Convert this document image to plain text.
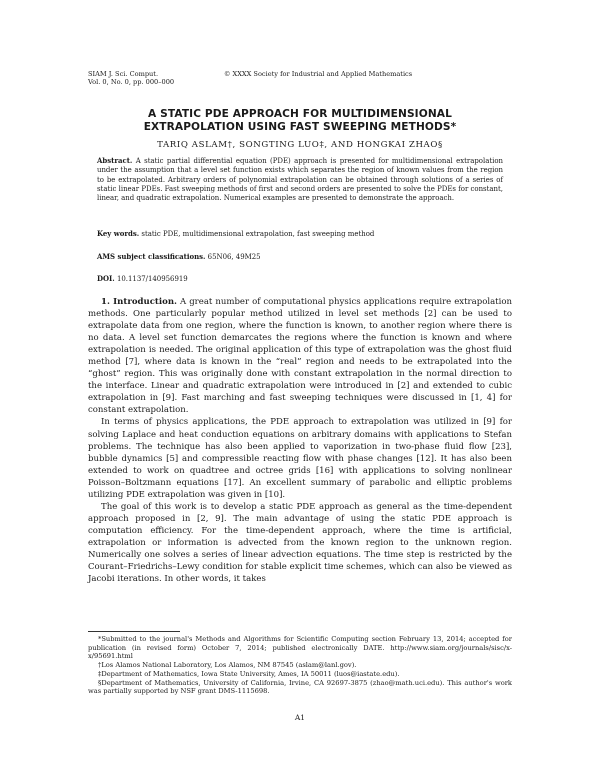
SIAM J. Sci. Comput.
Vol. 0, No. 0, pp. 000–000
© XXXX Society for Industrial and Applied Mathematics
A STATIC PDE APPROACH FOR MULTIDIMENSIONAL
EXTRAPOLATION USING FAST SWEEPING METHODS*
TARIQ ASLAM†, SONGTING LUO‡, AND HONGKAI ZHAO§
Abstract. A static partial differential equation (PDE) approach is presented for multidimensional extrapolation under the assumption that a level set function exists which separates the region of known values from the region to be extrapolated. Arbitrary orders of polynomial extrapolation can be obtained through solutions of a series of static linear PDEs. Fast sweeping methods of first and second orders are presented to solve the PDEs for constant, linear, and quadratic extrapolation. Numerical examples are presented to demonstrate the approach.
Key words. static PDE, multidimensional extrapolation, fast sweeping method
AMS subject classifications. 65N06, 49M25
DOI. 10.1137/140956919

1. Introduction. A great number of computational physics applications require extrapolation methods. One particularly popular method utilized in level set methods [2] can be used to extrapolate data from one region, where the function is known, to another region where there is no data. A level set function demarcates the regions where the function is known and where extrapolation is needed. The original application of this type of extrapolation was the ghost fluid method [7], where data is known in the “real” region and needs to be extrapolated into the “ghost” region. This was originally done with constant extrapolation in the normal direction to the interface. Linear and quadratic extrapolation were introduced in [2] and extended to cubic extrapolation in [9]. Fast marching and fast sweeping techniques were discussed in [1, 4] for constant extrapolation.

In terms of physics applications, the PDE approach to extrapolation was utilized in [9] for solving Laplace and heat conduction equations on arbitrary domains with applications to Stefan problems. The technique has also been applied to vaporization in two-phase fluid flow [23], bubble dynamics [5] and compressible reacting flow with phase changes [12]. It has also been extended to work on quadtree and octree grids [16] with applications to solving nonlinear Poisson–Boltzmann equations [17]. An excellent summary of parabolic and elliptic problems utilizing PDE extrapolation was given in [10].

The goal of this work is to develop a static PDE approach as general as the time-dependent approach proposed in [2, 9]. The main advantage of using the static PDE approach is computation efficiency. For the time-dependent approach, where the time is artificial, extrapolation or information is advected from the known region to the unknown region. Numerically one solves a series of linear advection equations. The time step is restricted by the Courant–Friedrichs–Lewy condition for stable explicit time schemes, which can also be viewed as Jacobi iterations. In other words, it takes

*Submitted to the journal's Methods and Algorithms for Scientific Computing section February 13, 2014; accepted for publication (in revised form) October 7, 2014; published electronically DATE. http://www.siam.org/journals/sisc/x-x/95691.html

†Los Alamos National Laboratory, Los Alamos, NM 87545 (aslam@lanl.gov).

‡Department of Mathematics, Iowa State University, Ames, IA 50011 (luos@iastate.edu).

§Department of Mathematics, University of California, Irvine, CA 92697-3875 (zhao@math.uci.edu). This author's work was partially supported by NSF grant DMS-1115698.

A1
